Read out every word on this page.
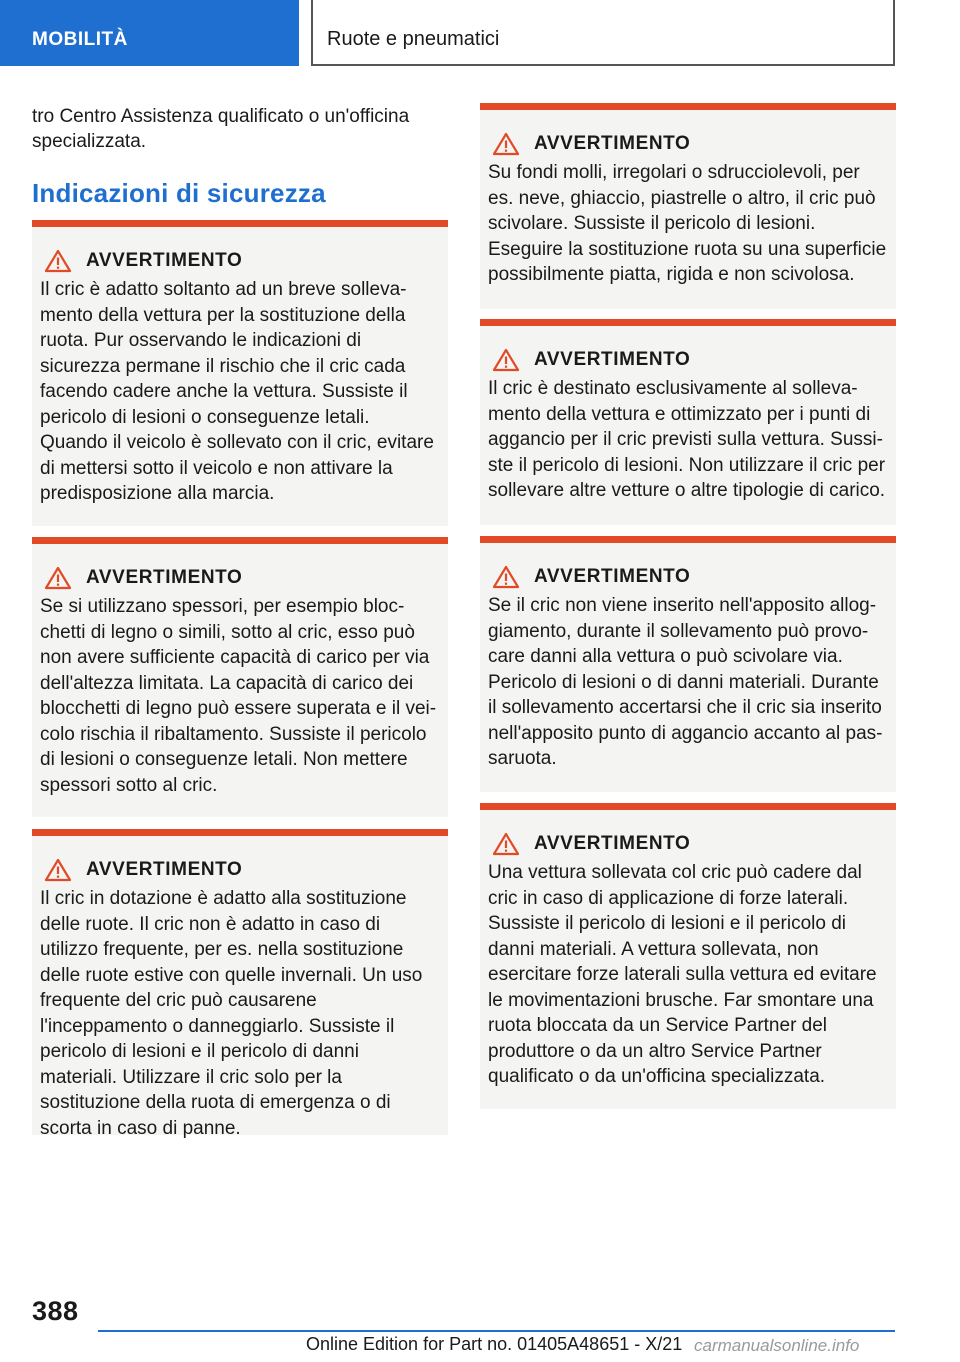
MOBILITÀ	Ruote e pneumatici

tro Centro Assistenza qualificato o un'officina specializzata.

Indicazioni di sicurezza
AVVERTIMENTO

Il cric è adatto soltanto ad un breve sollevamento della vettura per la sostituzione della ruota. Pur osservando le indicazioni di sicurezza permane il rischio che il cric cada facendo cadere anche la vettura. Sussiste il pericolo di lesioni o conseguenze letali. Quando il veicolo è sollevato con il cric, evitare di mettersi sotto il veicolo e non attivare la predisposizione alla marcia.

AVVERTIMENTO

Se si utilizzano spessori, per esempio blocchetti di legno o simili, sotto al cric, esso può non avere sufficiente capacità di carico per via dell'altezza limitata. La capacità di carico dei blocchetti di legno può essere superata e il veicolo rischia il ribaltamento. Sussiste il pericolo di lesioni o conseguenze letali. Non mettere spessori sotto al cric.

AVVERTIMENTO

Il cric in dotazione è adatto alla sostituzione delle ruote. Il cric non è adatto in caso di utilizzo frequente, per es. nella sostituzione delle ruote estive con quelle invernali. Un uso frequente del cric può causarene l'inceppamento o danneggiarlo. Sussiste il pericolo di lesioni e il pericolo di danni materiali. Utilizzare il cric solo per la sostituzione della ruota di emergenza o di scorta in caso di panne.

AVVERTIMENTO

Su fondi molli, irregolari o sdrucciolevoli, per es. neve, ghiaccio, piastrelle o altro, il cric può scivolare. Sussiste il pericolo di lesioni. Eseguire la sostituzione ruota su una superficie possibilmente piatta, rigida e non scivolosa.

AVVERTIMENTO

Il cric è destinato esclusivamente al sollevamento della vettura e ottimizzato per i punti di aggancio per il cric previsti sulla vettura. Sussiste il pericolo di lesioni. Non utilizzare il cric per sollevare altre vetture o altre tipologie di carico.

AVVERTIMENTO

Se il cric non viene inserito nell'apposito alloggiamento, durante il sollevamento può provocare danni alla vettura o può scivolare via. Pericolo di lesioni o di danni materiali. Durante il sollevamento accertarsi che il cric sia inserito nell'apposito punto di aggancio accanto al passaruota.

AVVERTIMENTO

Una vettura sollevata col cric può cadere dal cric in caso di applicazione di forze laterali. Sussiste il pericolo di lesioni e il pericolo di danni materiali. A vettura sollevata, non esercitare forze laterali sulla vettura ed evitare le movimentazioni brusche. Far smontare una ruota bloccata da un Service Partner del produttore o da un altro Service Partner qualificato o da un'officina specializzata.

388
Online Edition for Part no. 01405A48651 - X/21 carmanualsonline.info
